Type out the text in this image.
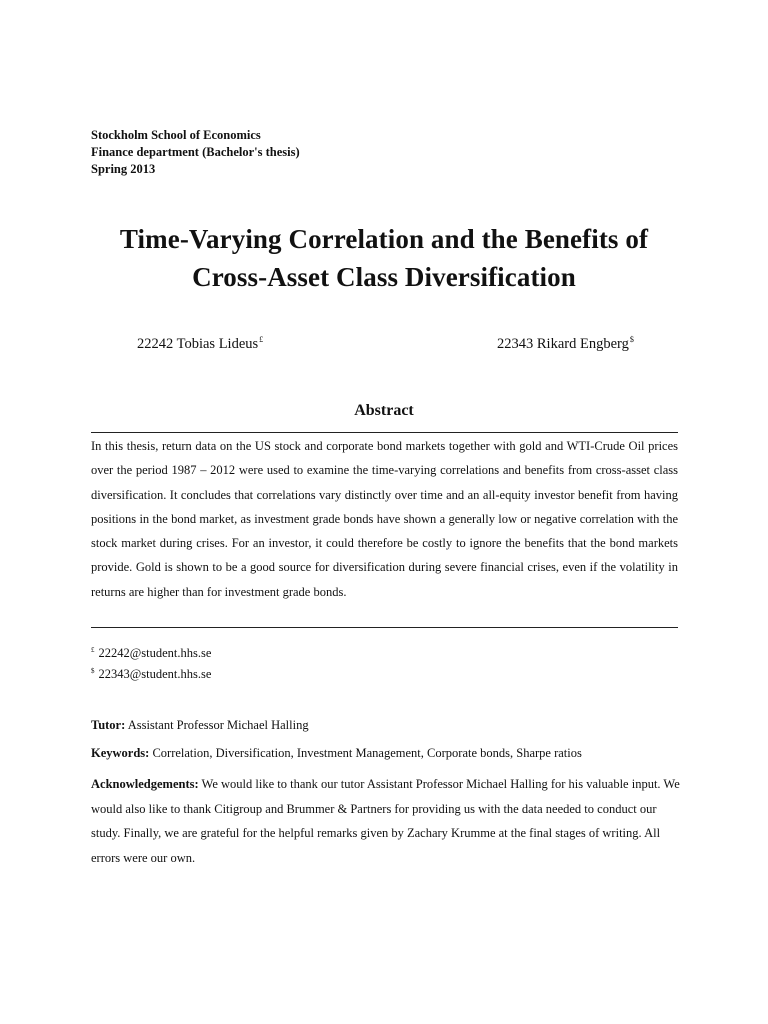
Stockholm School of Economics
Finance department (Bachelor's thesis)
Spring 2013
Time-Varying Correlation and the Benefits of
Cross-Asset Class Diversification
22242 Tobias Lideus£	22343 Rikard Engberg$
Abstract
In this thesis, return data on the US stock and corporate bond markets together with gold and WTI-Crude Oil prices over the period 1987 – 2012 were used to examine the time-varying correlations and benefits from cross-asset class diversification. It concludes that correlations vary distinctly over time and an all-equity investor benefit from having positions in the bond market, as investment grade bonds have shown a generally low or negative correlation with the stock market during crises. For an investor, it could therefore be costly to ignore the benefits that the bond markets provide. Gold is shown to be a good source for diversification during severe financial crises, even if the volatility in returns are higher than for investment grade bonds.
£ 22242@student.hhs.se
$ 22343@student.hhs.se
Tutor: Assistant Professor Michael Halling
Keywords: Correlation, Diversification, Investment Management, Corporate bonds, Sharpe ratios
Acknowledgements: We would like to thank our tutor Assistant Professor Michael Halling for his valuable input. We would also like to thank Citigroup and Brummer & Partners for providing us with the data needed to conduct our study. Finally, we are grateful for the helpful remarks given by Zachary Krumme at the final stages of writing. All errors were our own.
